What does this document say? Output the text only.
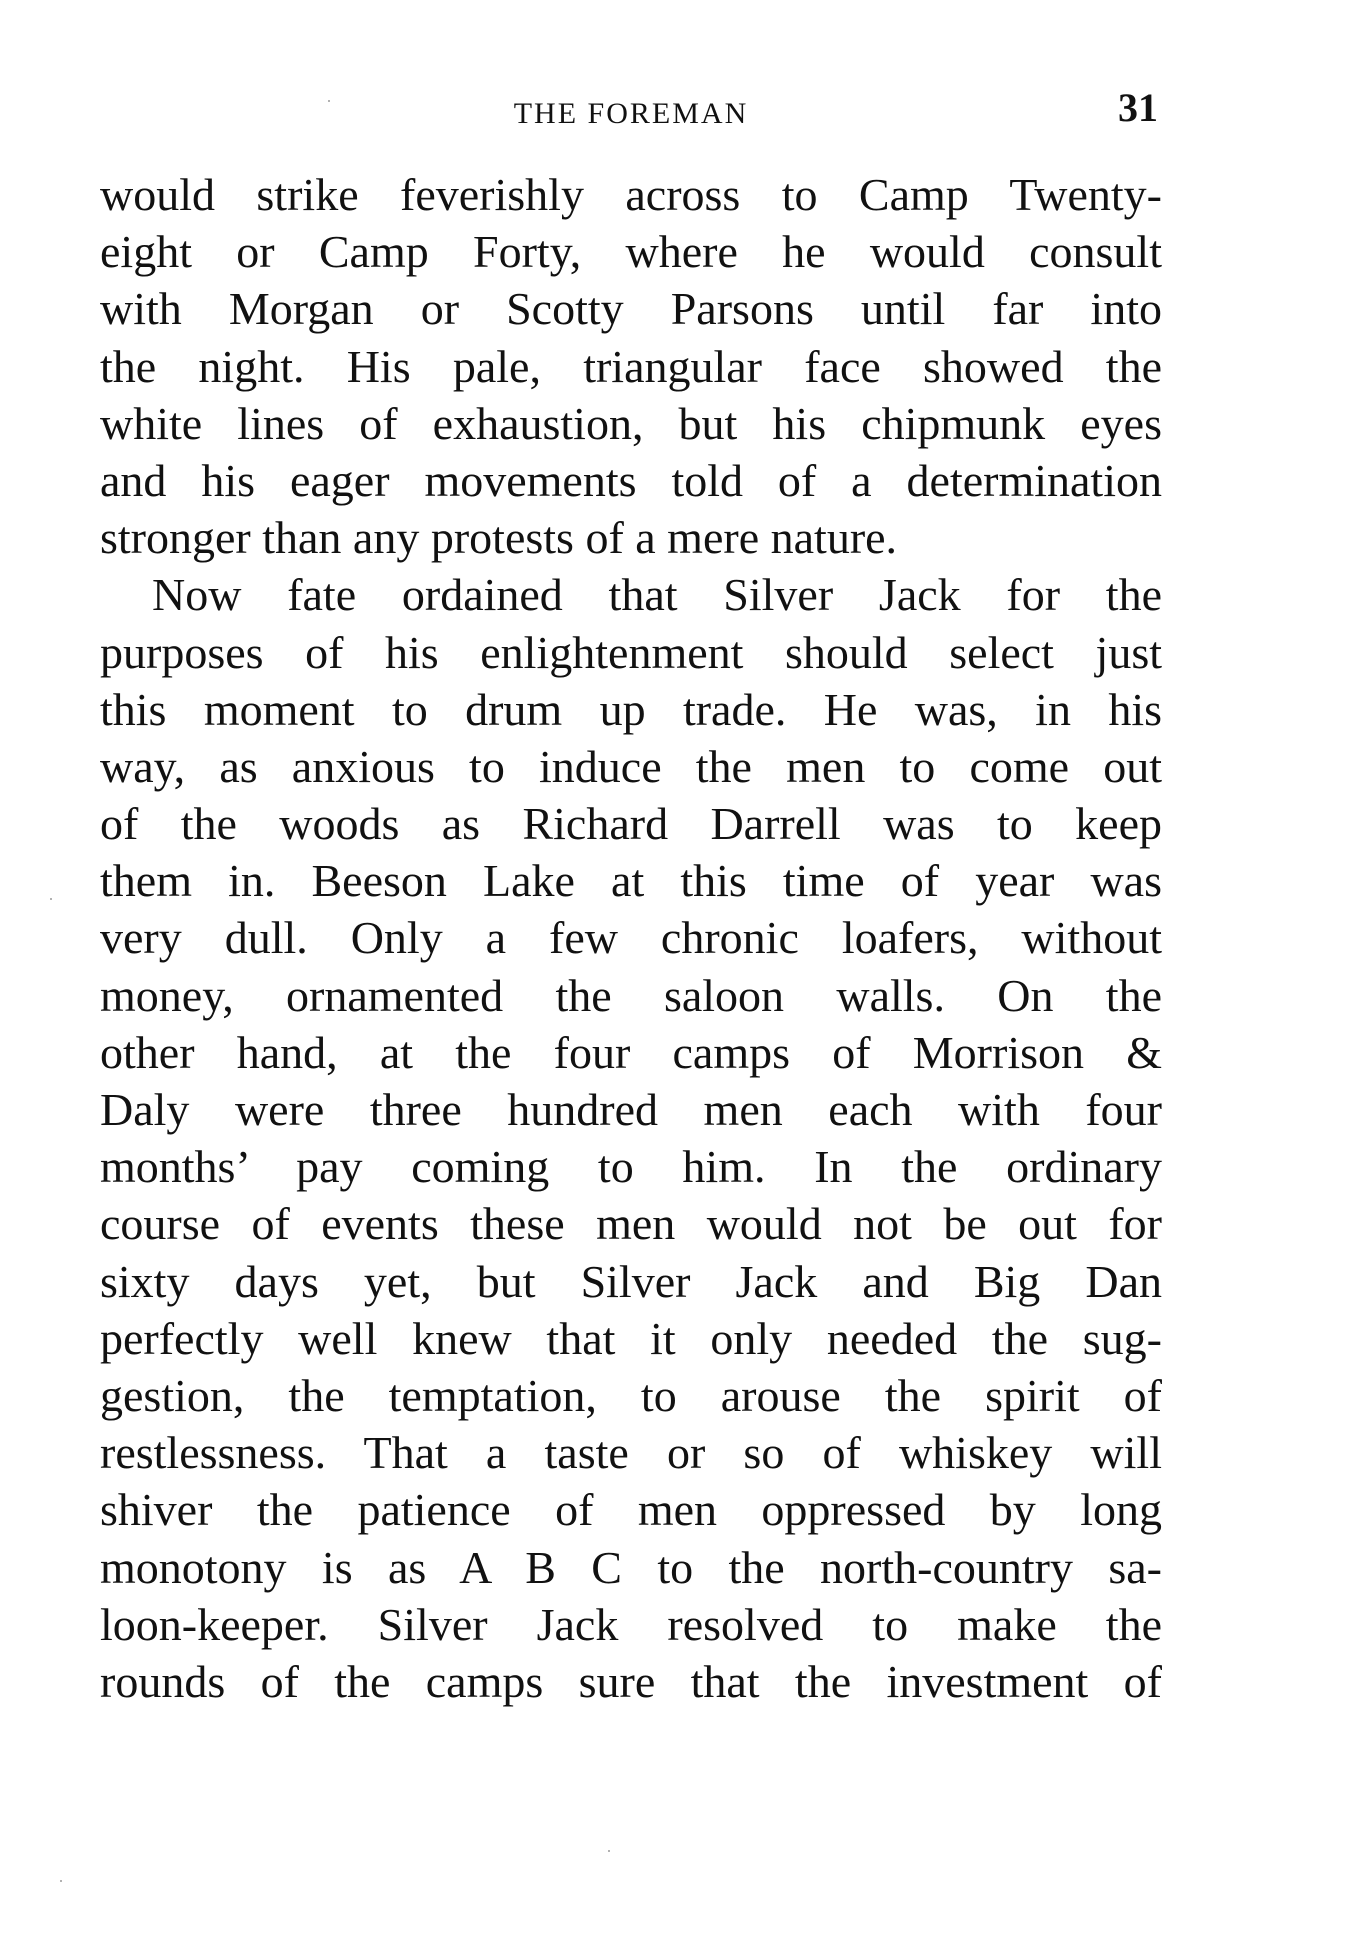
THE FOREMAN	31
would strike feverishly across to Camp Twenty-
eight or Camp Forty, where he would consult
with Morgan or Scotty Parsons until far into
the night. His pale, triangular face showed the
white lines of exhaustion, but his chipmunk eyes
and his eager movements told of a determination
stronger than any protests of a mere nature.
Now fate ordained that Silver Jack for the
purposes of his enlightenment should select just
this moment to drum up trade. He was, in his
way, as anxious to induce the men to come out
of the woods as Richard Darrell was to keep
them in. Beeson Lake at this time of year was
very dull. Only a few chronic loafers, without
money, ornamented the saloon walls. On the
other hand, at the four camps of Morrison &
Daly were three hundred men each with four
months’ pay coming to him. In the ordinary
course of events these men would not be out for
sixty days yet, but Silver Jack and Big Dan
perfectly well knew that it only needed the sug-
gestion, the temptation, to arouse the spirit of
restlessness. That a taste or so of whiskey will
shiver the patience of men oppressed by long
monotony is as A B C to the north-country sa-
loon-keeper. Silver Jack resolved to make the
rounds of the camps sure that the investment of
